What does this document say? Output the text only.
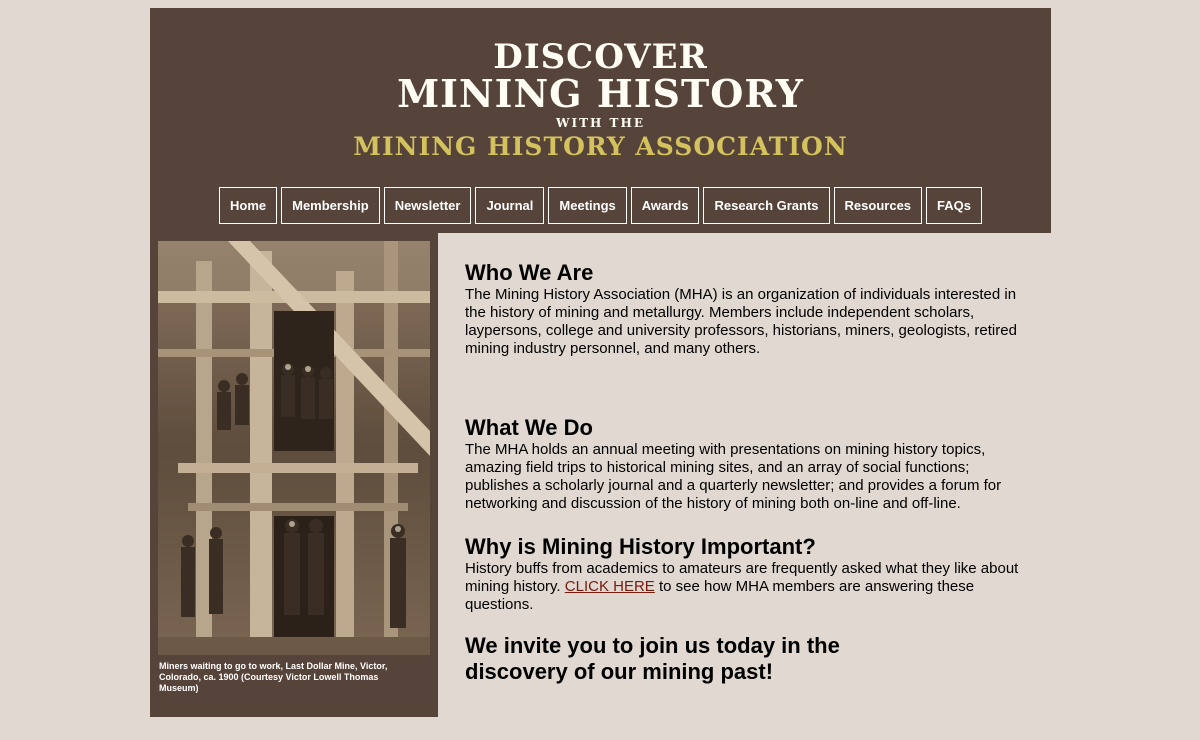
DISCOVER
MINING HISTORY
WITH THE
MINING HISTORY ASSOCIATION
Home	Membership	Newsletter	Journal	Meetings	Awards	Research Grants	Resources	FAQs
Miners waiting to go to work, Last Dollar Mine, Victor, Colorado, ca. 1900 (Courtesy Victor Lowell Thomas Museum)
Who We Are

The Mining History Association (MHA) is an organization of individuals interested in the history of mining and metallurgy. Members include independent scholars, laypersons, college and university professors, historians, miners, geologists, retired mining industry personnel, and many others.

What We Do

The MHA holds an annual meeting with presentations on mining history topics, amazing field trips to historical mining sites, and an array of social functions; publishes a scholarly journal and a quarterly newsletter; and provides a forum for networking and discussion of the history of mining both on-line and off-line.

Why is Mining History Important?

History buffs from academics to amateurs are frequently asked what they like about mining history. CLICK HERE to see how MHA members are answering these questions.

We invite you to join us today in the discovery of our mining past!
